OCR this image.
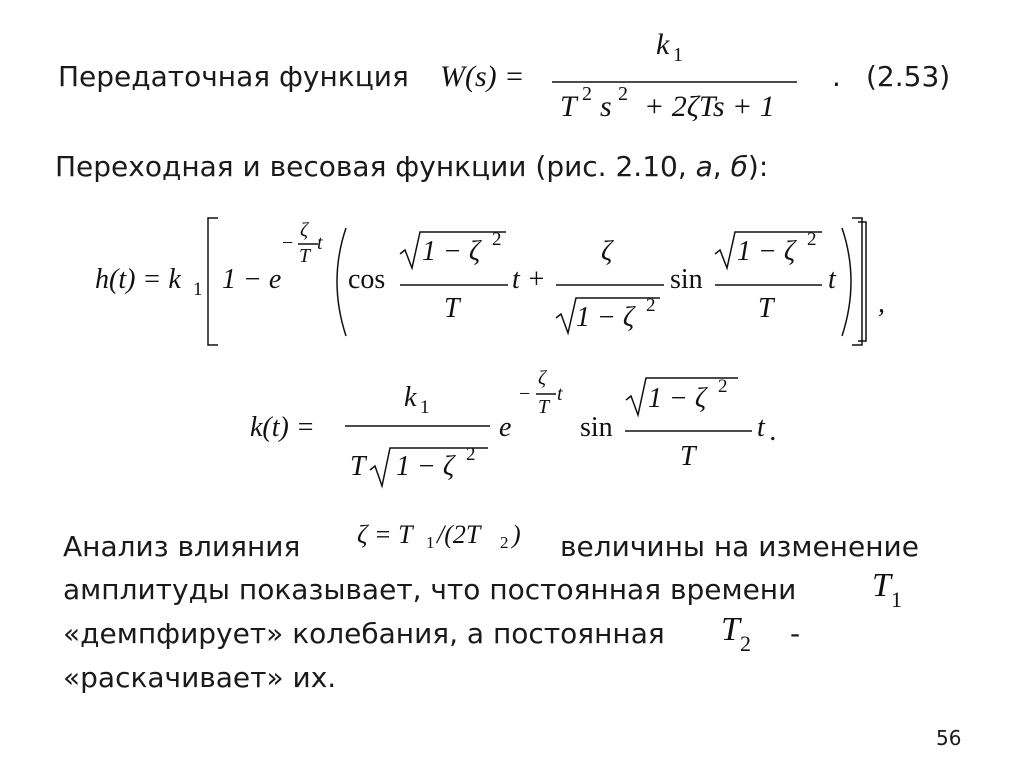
Передаточная функция W(s) =
k 1
T 2 s 2 + 2ζTs + 1
. (2.53)
Переходная и весовая функции (рис. 2.10, а, б):
h(t) = k 1 1 − e
−
ζ
T
t
cos
1 − ζ 2
T
t +
ζ
1 − ζ 2
sin
1 − ζ 2
T
t
,
k(t) =
k 1
T 1 − ζ 2
e
−
ζ
T
t
sin
1 − ζ 2
T
t .
Анализ влияния ζ = T 1 /(2T 2 ) величины на изменение
амплитуды показывает, что постоянная времени T 1
«демпфирует» колебания, а постоянная T 2 -
«раскачивает» их.
56
